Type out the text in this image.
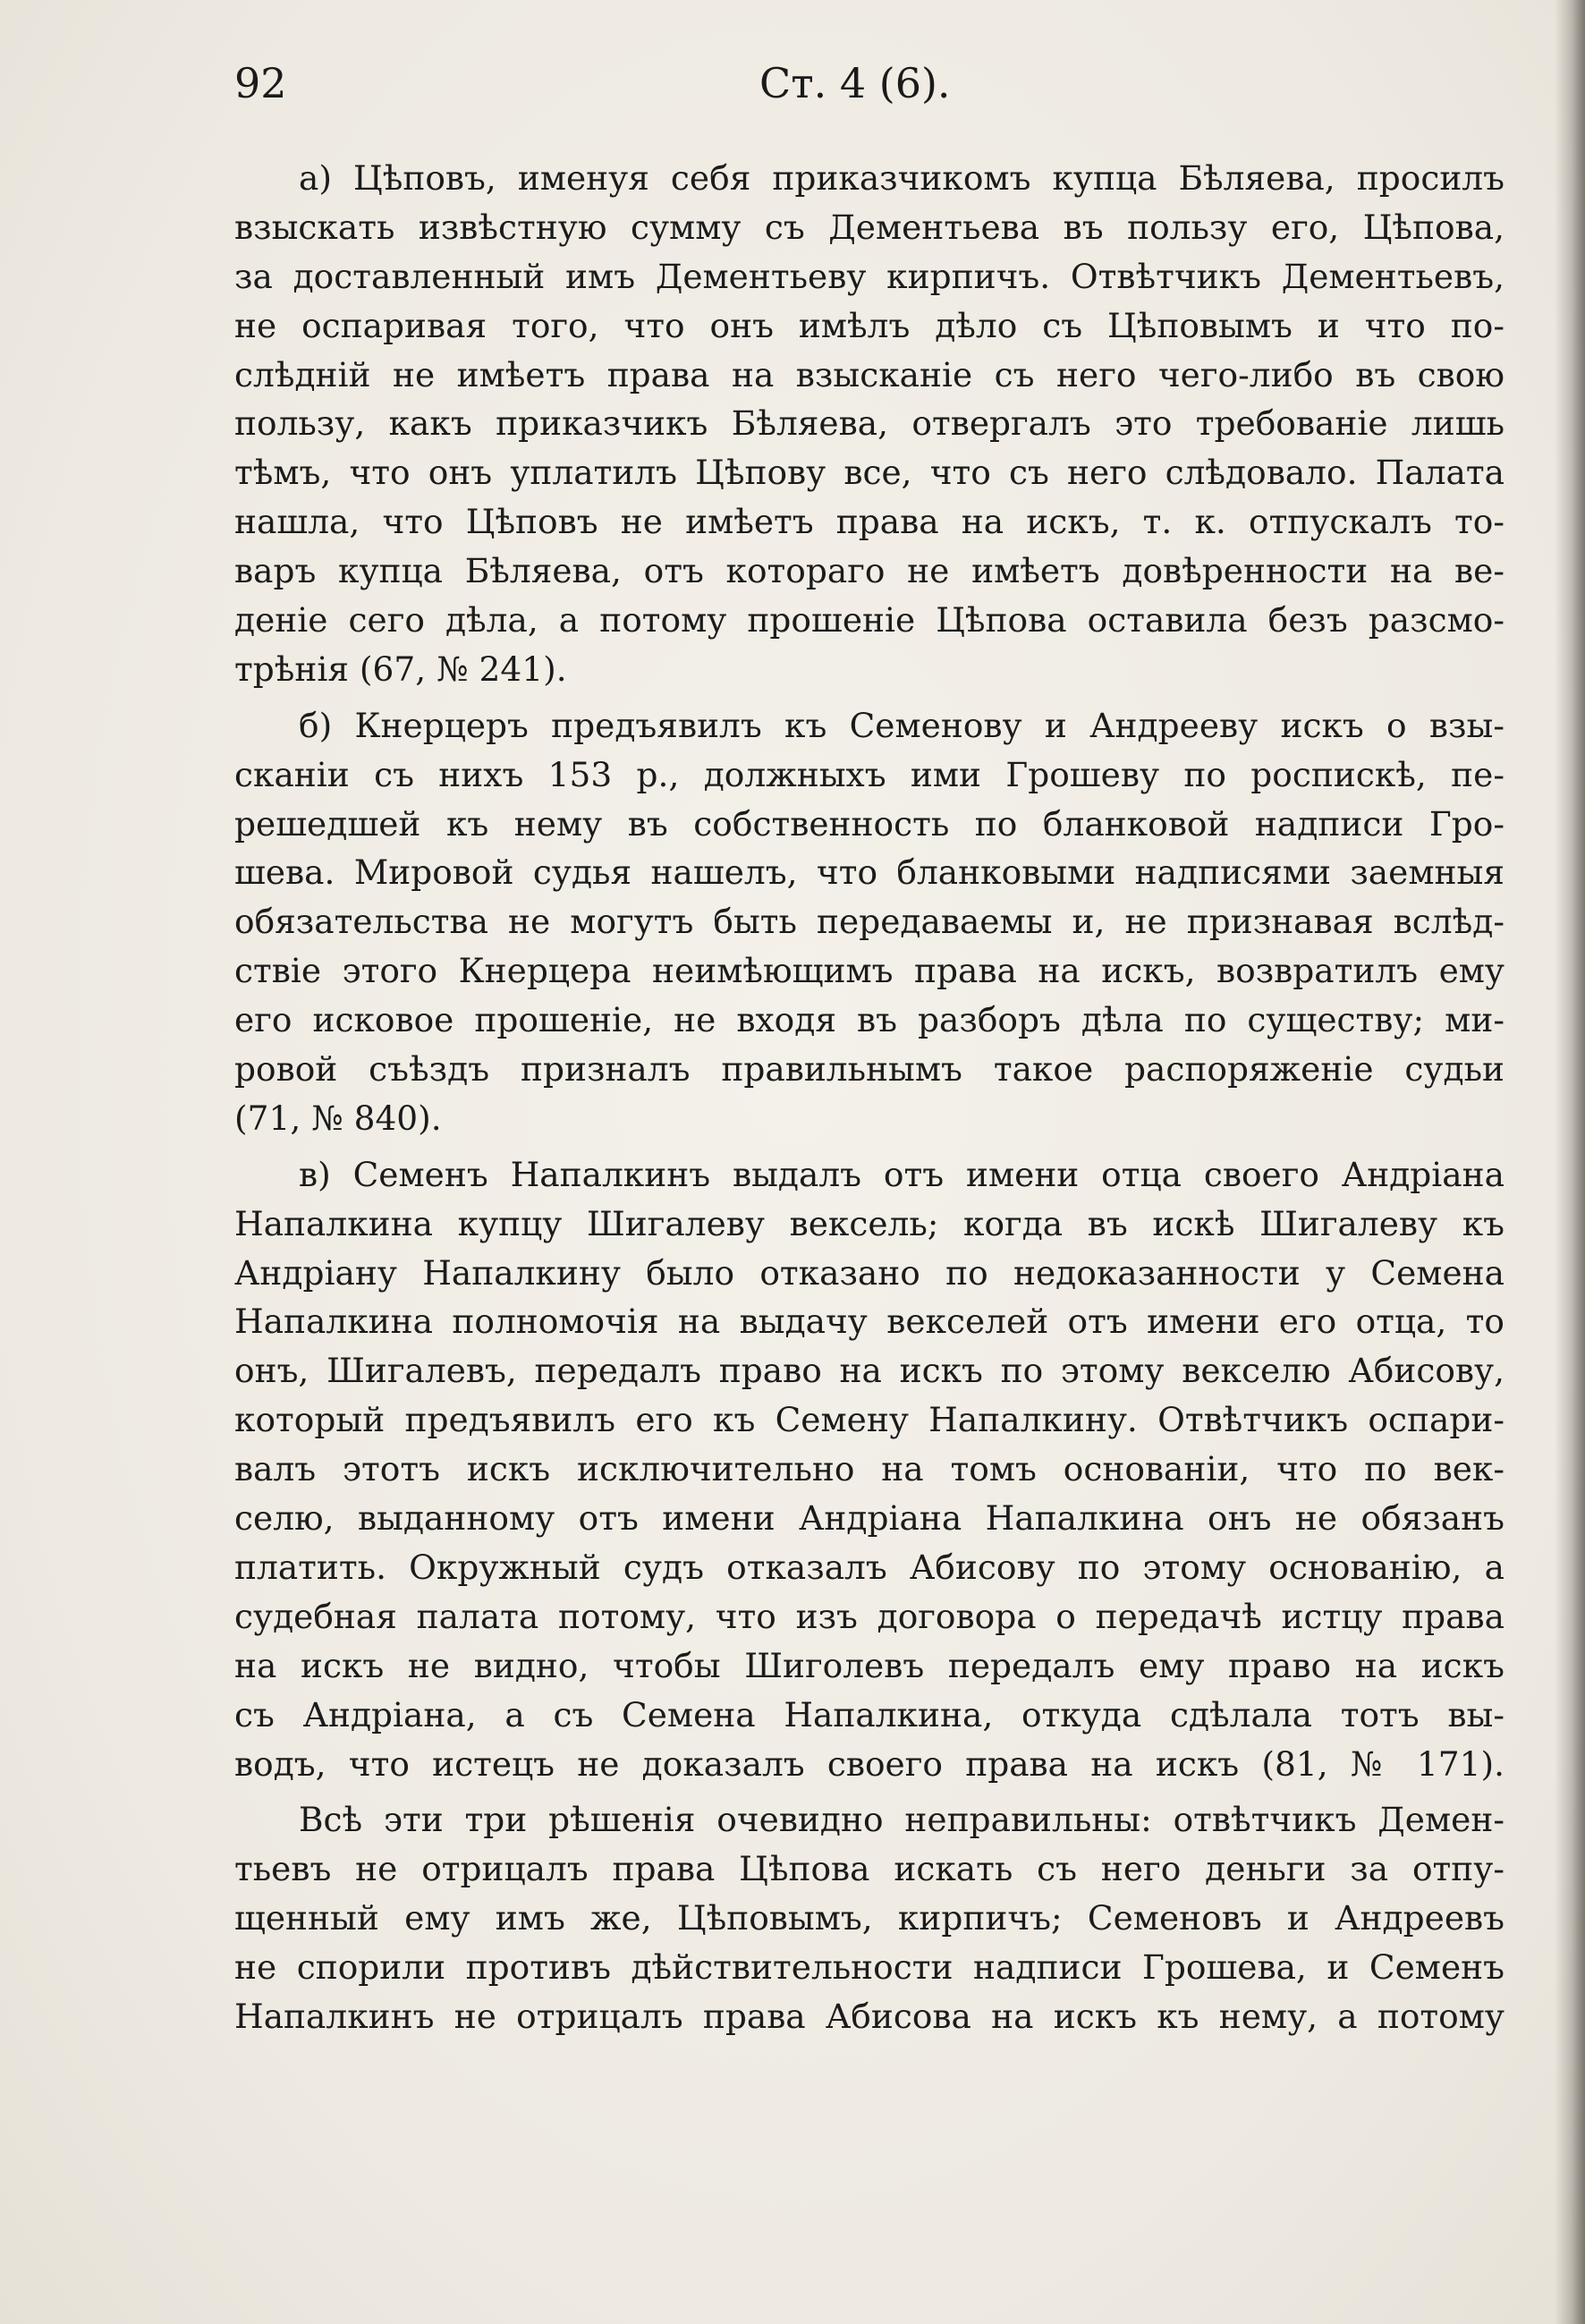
92	Ст. 4 (6).
а) Цѣповъ, именуя себя приказчикомъ купца Бѣляева, просилъ
взыскать извѣстную сумму съ Дементьева въ пользу его, Цѣпова,
за доставленный имъ Дементьеву кирпичъ. Отвѣтчикъ Дементьевъ,
не оспаривая того, что онъ имѣлъ дѣло съ Цѣповымъ и что по-
слѣдній не имѣетъ права на взысканіе съ него чего-либо въ свою
пользу, какъ приказчикъ Бѣляева, отвергалъ это требованіе лишь
тѣмъ, что онъ уплатилъ Цѣпову все, что съ него слѣдовало. Палата
нашла, что Цѣповъ не имѣетъ права на искъ, т. к. отпускалъ то-
варъ купца Бѣляева, отъ котораго не имѣетъ довѣренности на ве-
деніе сего дѣла, а потому прошеніе Цѣпова оставила безъ разсмо-
трѣнія (67, № 241).
б) Кнерцеръ предъявилъ къ Семенову и Андрееву искъ о взы-
сканіи съ нихъ 153 р., должныхъ ими Грошеву по роспискѣ, пе-
решедшей къ нему въ собственность по бланковой надписи Гро-
шева. Мировой судья нашелъ, что бланковыми надписями заемныя
обязательства не могутъ быть передаваемы и, не признавая вслѣд-
ствіе этого Кнерцера неимѣющимъ права на искъ, возвратилъ ему
его исковое прошеніе, не входя въ разборъ дѣла по существу; ми-
ровой съѣздъ призналъ правильнымъ такое распоряженіе судьи
(71, № 840).
в) Семенъ Напалкинъ выдалъ отъ имени отца своего Андріана
Напалкина купцу Шигалеву вексель; когда въ искѣ Шигалеву къ
Андріану Напалкину было отказано по недоказанности у Семена
Напалкина полномочія на выдачу векселей отъ имени его отца, то
онъ, Шигалевъ, передалъ право на искъ по этому векселю Абисову,
который предъявилъ его къ Семену Напалкину. Отвѣтчикъ оспари-
валъ этотъ искъ исключительно на томъ основаніи, что по век-
селю, выданному отъ имени Андріана Напалкина онъ не обязанъ
платить. Окружный судъ отказалъ Абисову по этому основанію, а
судебная палата потому, что изъ договора о передачѣ истцу права
на искъ не видно, чтобы Шиголевъ передалъ ему право на искъ
съ Андріана, а съ Семена Напалкина, откуда сдѣлала тотъ вы-
водъ, что истецъ не доказалъ своего права на искъ (81, № 171).
Всѣ эти три рѣшенія очевидно неправильны: отвѣтчикъ Демен-
тьевъ не отрицалъ права Цѣпова искать съ него деньги за отпу-
щенный ему имъ же, Цѣповымъ, кирпичъ; Семеновъ и Андреевъ
не спорили противъ дѣйствительности надписи Грошева, и Семенъ
Напалкинъ не отрицалъ права Абисова на искъ къ нему, а потому
